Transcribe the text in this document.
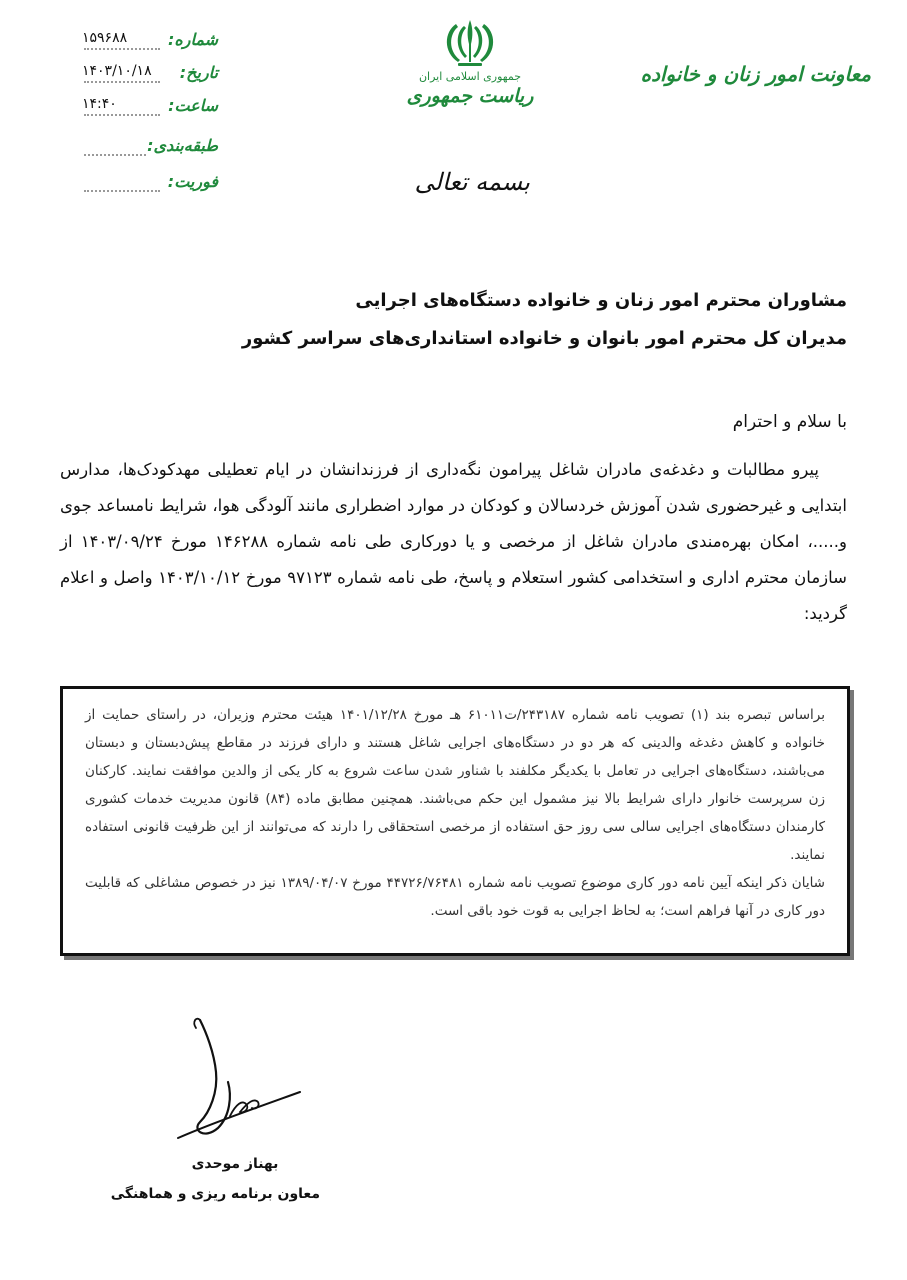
معاونت امور زنان و خانواده
جمهوری اسلامی ایران
ریاست جمهوری
بسمه تعالی
شماره:
۱۵۹۶۸۸
تاریخ:
۱۴۰۳/۱۰/۱۸
ساعت:
۱۴:۴۰
طبقه‌بندی:
فوریت:
مشاوران محترم امور زنان و خانواده دستگاه‌های اجرایی
مدیران کل محترم امور بانوان و خانواده استانداری‌های سراسر کشور
با سلام و احترام

پیرو مطالبات و دغدغه‌ی مادران شاغل پیرامون نگه‌داری از فرزندانشان در ایام تعطیلی مهدکودک‌ها، مدارس ابتدایی و غیرحضوری شدن آموزش خردسالان و کودکان در موارد اضطراری مانند آلودگی هوا، شرایط نامساعد جوی و.....، امکان بهره‌مندی مادران شاغل از مرخصی و یا دورکاری طی نامه شماره ۱۴۶۲۸۸ مورخ ۱۴۰۳/۰۹/۲۴ از سازمان محترم اداری و استخدامی کشور استعلام و پاسخ، طی نامه شماره ۹۷۱۲۳ مورخ ۱۴۰۳/۱۰/۱۲ واصل و اعلام گردید:

براساس تبصره بند (۱) تصویب نامه شماره ۲۴۳۱۸۷/ت۶۱۰۱۱ هـ مورخ ۱۴۰۱/۱۲/۲۸ هیئت محترم وزیران، در راستای حمایت از خانواده و کاهش دغدغه والدینی که هر دو در دستگاه‌های اجرایی شاغل هستند و دارای فرزند در مقاطع پیش‌دبستان و دبستان می‌باشند، دستگاه‌های اجرایی در تعامل با یکدیگر مکلفند با شناور شدن ساعت شروع به کار یکی از والدین موافقت نمایند. کارکنان زن سرپرست خانوار دارای شرایط بالا نیز مشمول این حکم می‌باشند. همچنین مطابق ماده (۸۴) قانون مدیریت خدمات کشوری کارمندان دستگاه‌های اجرایی سالی سی روز حق استفاده از مرخصی استحقاقی را دارند که می‌توانند از این ظرفیت قانونی استفاده نمایند.

شایان ذکر اینکه آیین نامه دور کاری موضوع تصویب نامه شماره ۴۴۷۲۶/۷۶۴۸۱ مورخ ۱۳۸۹/۰۴/۰۷ نیز در خصوص مشاغلی که قابلیت دور کاری در آنها فراهم است؛ به لحاظ اجرایی به قوت خود باقی است.

بهناز موحدی
معاون برنامه ریزی و هماهنگی
